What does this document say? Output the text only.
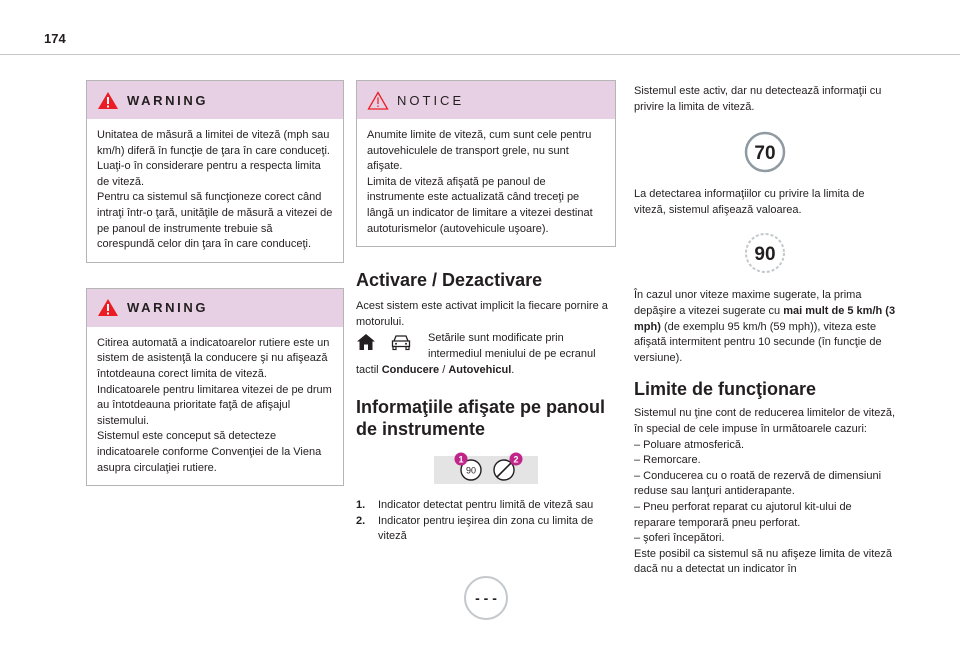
174
WARNING

Unitatea de măsură a limitei de viteză (mph sau km/h) diferă în funcţie de ţara în care conduceţi.

Luaţi-o în considerare pentru a respecta limita de viteză.

Pentru ca sistemul să funcţioneze corect când intraţi într-o ţară, unităţile de măsură a vitezei de pe panoul de instrumente trebuie să corespundă celor din ţara în care conduceţi.

WARNING

Citirea automată a indicatoarelor rutiere este un sistem de asistenţă la conducere şi nu afişează întotdeauna corect limita de viteză.

Indicatoarele pentru limitarea vitezei de pe drum au întotdeauna prioritate faţă de afişajul sistemului.

Sistemul este conceput să detecteze indicatoarele conforme Convenţiei de la Viena asupra circulaţiei rutiere.

NOTICE

Anumite limite de viteză, cum sunt cele pentru autovehiculele de transport grele, nu sunt afişate.

Limita de viteză afişată pe panoul de instrumente este actualizată când treceţi pe lângă un indicator de limitare a vitezei destinat autoturismelor (autovehicule uşoare).

Activare / Dezactivare

Acest sistem este activat implicit la fiecare pornire a motorului.

Setările sunt modificate prin intermediul meniului de pe ecranul

tactil Conducere / Autovehicul.

Informaţiile afişate pe panoul de instrumente
90
1	2
1.	Indicator detectat pentru limită de viteză sau
2.	Indicator pentru ieşirea din zona cu limita de viteză
- - -

Sistemul este activ, dar nu detectează informaţii cu privire la limita de viteză.

70

La detectarea informaţiilor cu privire la limita de viteză, sistemul afişează valoarea.

90

În cazul unor viteze maxime sugerate, la prima depăşire a vitezei sugerate cu mai mult de 5 km/h (3 mph) (de exemplu 95 km/h (59 mph)), viteza este afişată intermitent pentru 10 secunde (în funcţie de versiune).

Limite de funcţionare

Sistemul nu ţine cont de reducerea limitelor de viteză, în special de cele impuse în următoarele cazuri:

– Poluare atmosferică.

– Remorcare.

– Conducerea cu o roată de rezervă de dimensiuni reduse sau lanţuri antiderapante.

– Pneu perforat reparat cu ajutorul kit-ului de reparare temporară pneu perforat.

– şoferi începători.

Este posibil ca sistemul să nu afişeze limita de viteză dacă nu a detectat un indicator în
